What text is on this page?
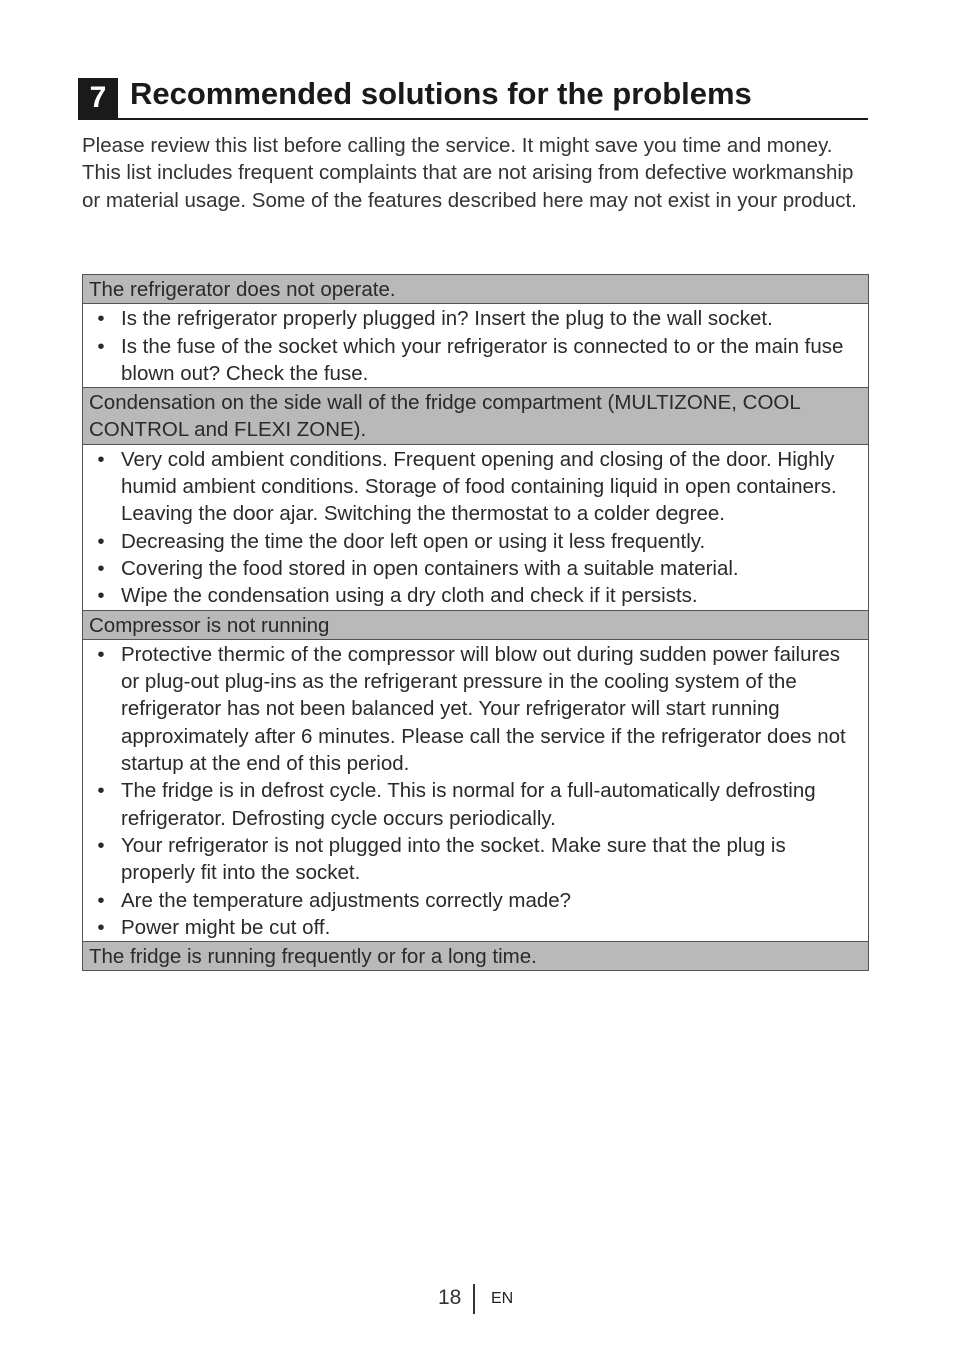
7 Recommended solutions for the problems

Please review this list before calling the service. It might save you time and money. This list includes frequent complaints that are not arising from defective workmanship or material usage. Some of the features described here may not exist in your product.

The refrigerator does not operate.
• Is the refrigerator properly plugged in? Insert the plug to the wall socket.
• Is the fuse of the socket which your refrigerator is connected to or the main fuse blown out? Check the fuse.
Condensation on the side wall of the fridge compartment (MULTIZONE, COOL CONTROL and FLEXI ZONE).
• Very cold ambient conditions. Frequent opening and closing of the door. Highly humid ambient conditions. Storage of food containing liquid in open containers. Leaving the door ajar. Switching the thermostat to a colder degree.
• Decreasing the time the door left open or using it less frequently.
• Covering the food stored in open containers with a suitable material.
• Wipe the condensation using a dry cloth and check if it persists.
Compressor is not running
• Protective thermic of the compressor will blow out during sudden power failures or plug-out plug-ins as the refrigerant pressure in the cooling system of the refrigerator has not been balanced yet. Your refrigerator will start running approximately after 6 minutes. Please call the service if the refrigerator does not startup at the end of this period.
• The fridge is in defrost cycle. This is normal for a full-automatically defrosting refrigerator. Defrosting cycle occurs periodically.
• Your refrigerator is not plugged into the socket. Make sure that the plug is properly fit into the socket.
• Are the temperature adjustments correctly made?
• Power might be cut off.
The fridge is running frequently or for a long time.
18 EN
